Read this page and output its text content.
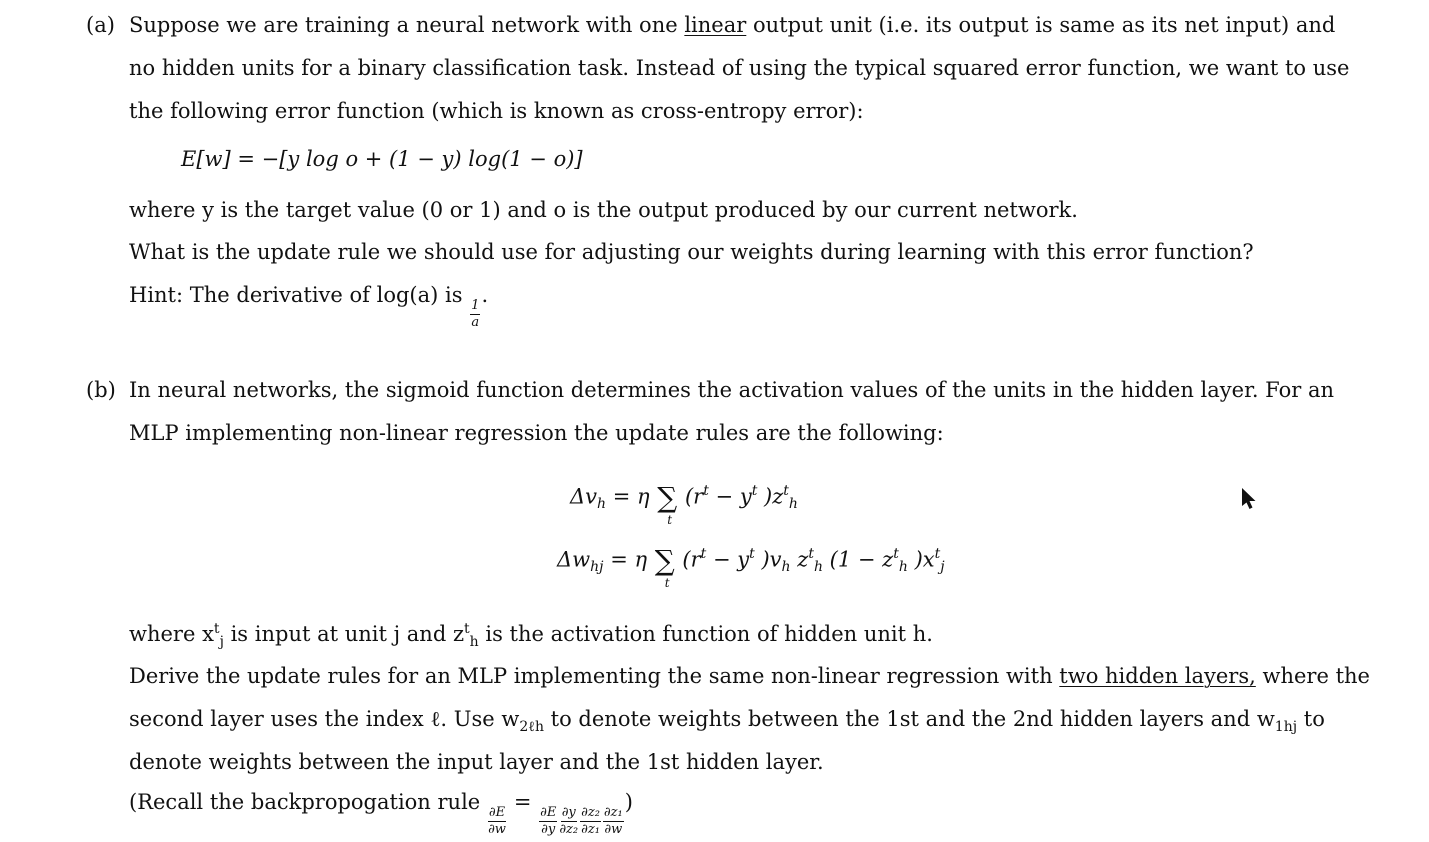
(a) Suppose we are training a neural network with one linear output unit (i.e. its output is same as its net input) and
no hidden units for a binary classification task. Instead of using the typical squared error function, we want to use
the following error function (which is known as cross-entropy error):
E[w] = −[y log o + (1 − y) log(1 − o)]
where y is the target value (0 or 1) and o is the output produced by our current network.
What is the update rule we should use for adjusting our weights during learning with this error function?
Hint: The derivative of log(a) is
$\frac{1}{a}$
.
(b) In neural networks, the sigmoid function determines the activation values of the units in the hidden layer. For an
MLP implementing non-linear regression the update rules are the following:
$\Delta v_h = \eta$ ∑
t
($r^t - y^t$ )$z^t_h$
$\Delta w_{hj} = \eta$ ∑
t
($r^t - y^t$ )$v_h$ $z^t_h$ ($1 - z^t_h$ )$x^t_j$
where $x^t_j$ is input at unit j and $z^t_h$ is the activation function of hidden unit h.
Derive the update rules for an MLP implementing the same non-linear regression with two hidden layers, where the
second layer uses the index ℓ. Use $w_{2\ell h}$ to denote weights between the 1st and the 2nd hidden layers and $w_{1hj}$ to
denote weights between the input layer and the 1st hidden layer.
(Recall the backpropogation rule
$\frac{\partial E}{\partial w}$
=
$\frac{\partial E}{\partial y} \frac{\partial y}{\text{∂z₂}} \frac{\text{∂z₂}}{\text{∂z₁}} \frac{\text{∂z₁}}{\partial w}$
)
